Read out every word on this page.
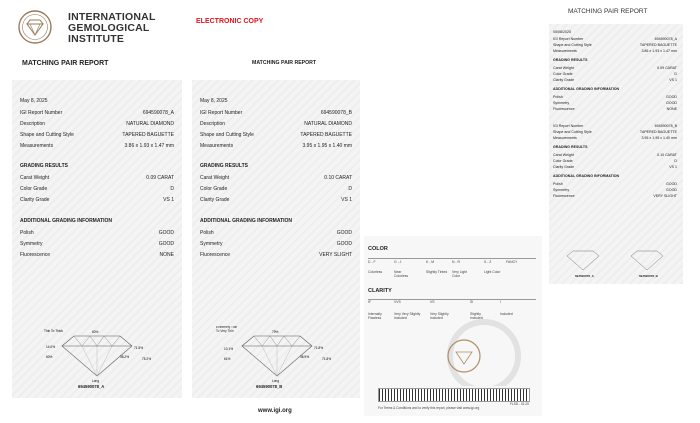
INTERNATIONAL
GEMOLOGICAL
INSTITUTE
ELECTRONIC COPY
MATCHING PAIR REPORT	MATCHING PAIR REPORT
May 8, 2025
IGI Report Number	694590078_A
Description	NATURAL DIAMOND
Shape and Cutting Style	TAPERED BAGUETTE
Measurements	3.86 x 1.93 x 1.47 mm
GRADING RESULTS
Carat Weight	0.09 CARAT
Color Grade	D
Clarity Grade	VS 1
ADDITIONAL GRADING INFORMATION
Polish	GOOD
Symmetry	GOOD
Fluorescence	NONE
Thin To Thick	60%
71.5%
75.2%
14.0%
60%	38.2%
Long
694590078_A
May 8, 2025
IGI Report Number	694590078_B
Description	NATURAL DIAMOND
Shape and Cutting Style	TAPERED BAGUETTE
Measurements	3.95 x 1.95 x 1.40 mm
GRADING RESULTS
Carat Weight	0.10 CARAT
Color Grade	D
Clarity Grade	VS 1
ADDITIONAL GRADING INFORMATION
Polish	GOOD
Symmetry	GOOD
Fluorescence	VERY SLIGHT
Extremely Thin To Very Thin	79%
71.8%
71.8%
10.1%
61%	38.9%
Long
694590078_B
COLOR
D - F	G - J	K - M	N - R	S - Z	FANCY
Colorless	Near Colorless
Slightly Tinted Very Light Color
Light Color
CLARITY
IF	VVS	VS	SI	I
Internally Flawless
Very Very Slightly Included
Very Slightly Included
Slightly Included
Included
For Terms & Conditions and to verify this report, please visit www.igi.org
FLSD - 01.20
www.igi.org
MATCHING PAIR REPORT
05/08/2025
IGI Report Number	694590078_A
Shape and Cutting Style	TAPERED BAGUETTE
Measurements	3.86 x 1.93 x 1.47 mm
GRADING RESULTS
Carat Weight	0.09 CARAT
Color Grade	D
Clarity Grade	VS 1
ADDITIONAL GRADING INFORMATION
Polish	GOOD
Symmetry	GOOD
Fluorescence	NONE
IGI Report Number	694590078_B
Shape and Cutting Style	TAPERED BAGUETTE
Measurements	3.95 x 1.95 x 1.40 mm
GRADING RESULTS
Carat Weight	0.10 CARAT
Color Grade	D
Clarity Grade	VS 1
ADDITIONAL GRADING INFORMATION
Polish	GOOD
Symmetry	GOOD
Fluorescence	VERY SLIGHT
694590078_A	694590078_B
